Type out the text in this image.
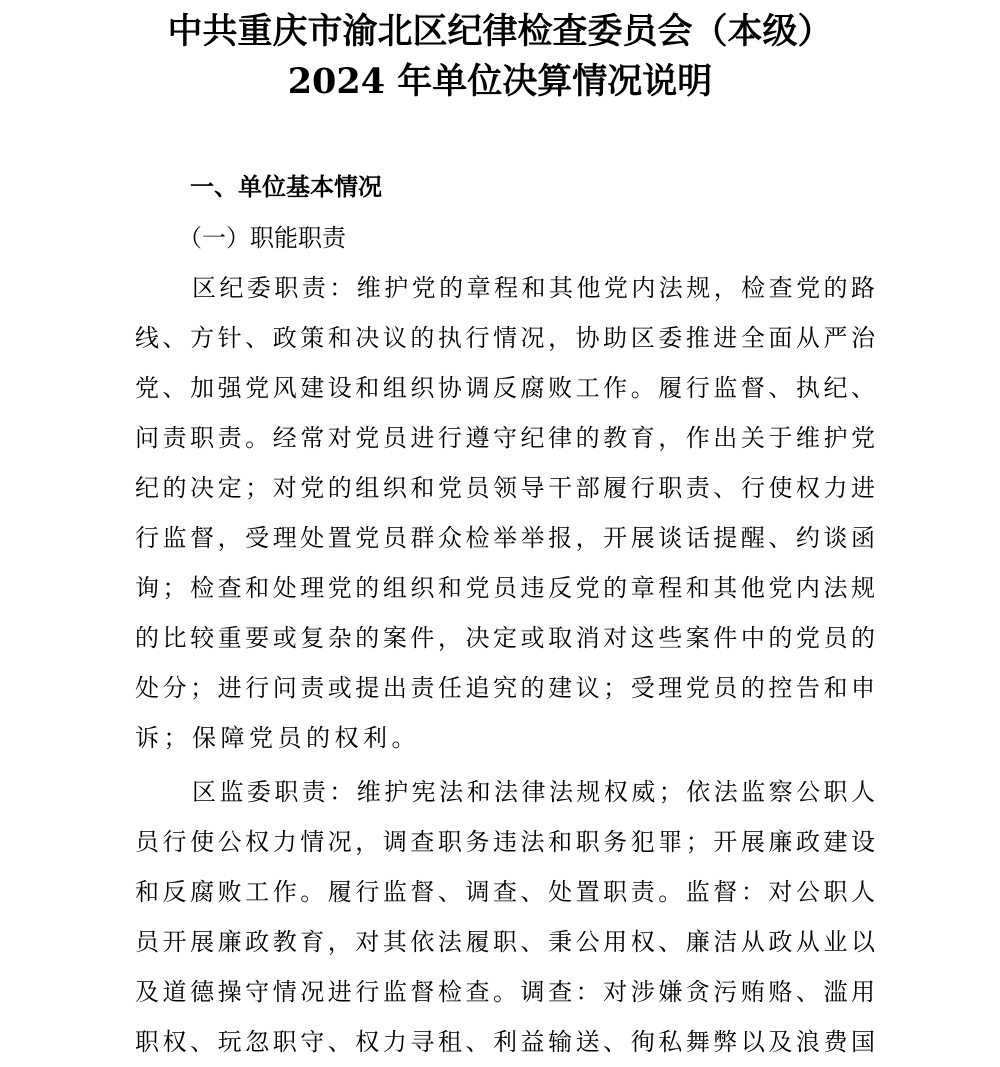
中共重庆市渝北区纪律检查委员会（本级）
2024 年单位决算情况说明
一、单位基本情况
（一）职能职责
区纪委职责：维护党的章程和其他党内法规，检查党的路
线、方针、政策和决议的执行情况，协助区委推进全面从严治
党、加强党风建设和组织协调反腐败工作。履行监督、执纪、
问责职责。经常对党员进行遵守纪律的教育，作出关于维护党
纪的决定；对党的组织和党员领导干部履行职责、行使权力进
行监督，受理处置党员群众检举举报，开展谈话提醒、约谈函
询；检查和处理党的组织和党员违反党的章程和其他党内法规
的比较重要或复杂的案件，决定或取消对这些案件中的党员的
处分；进行问责或提出责任追究的建议；受理党员的控告和申
诉；保障党员的权利。
区监委职责：维护宪法和法律法规权威；依法监察公职人
员行使公权力情况，调查职务违法和职务犯罪；开展廉政建设
和反腐败工作。履行监督、调查、处置职责。监督：对公职人
员开展廉政教育，对其依法履职、秉公用权、廉洁从政从业以
及道德操守情况进行监督检查。调查：对涉嫌贪污贿赂、滥用
职权、玩忽职守、权力寻租、利益输送、徇私舞弊以及浪费国
